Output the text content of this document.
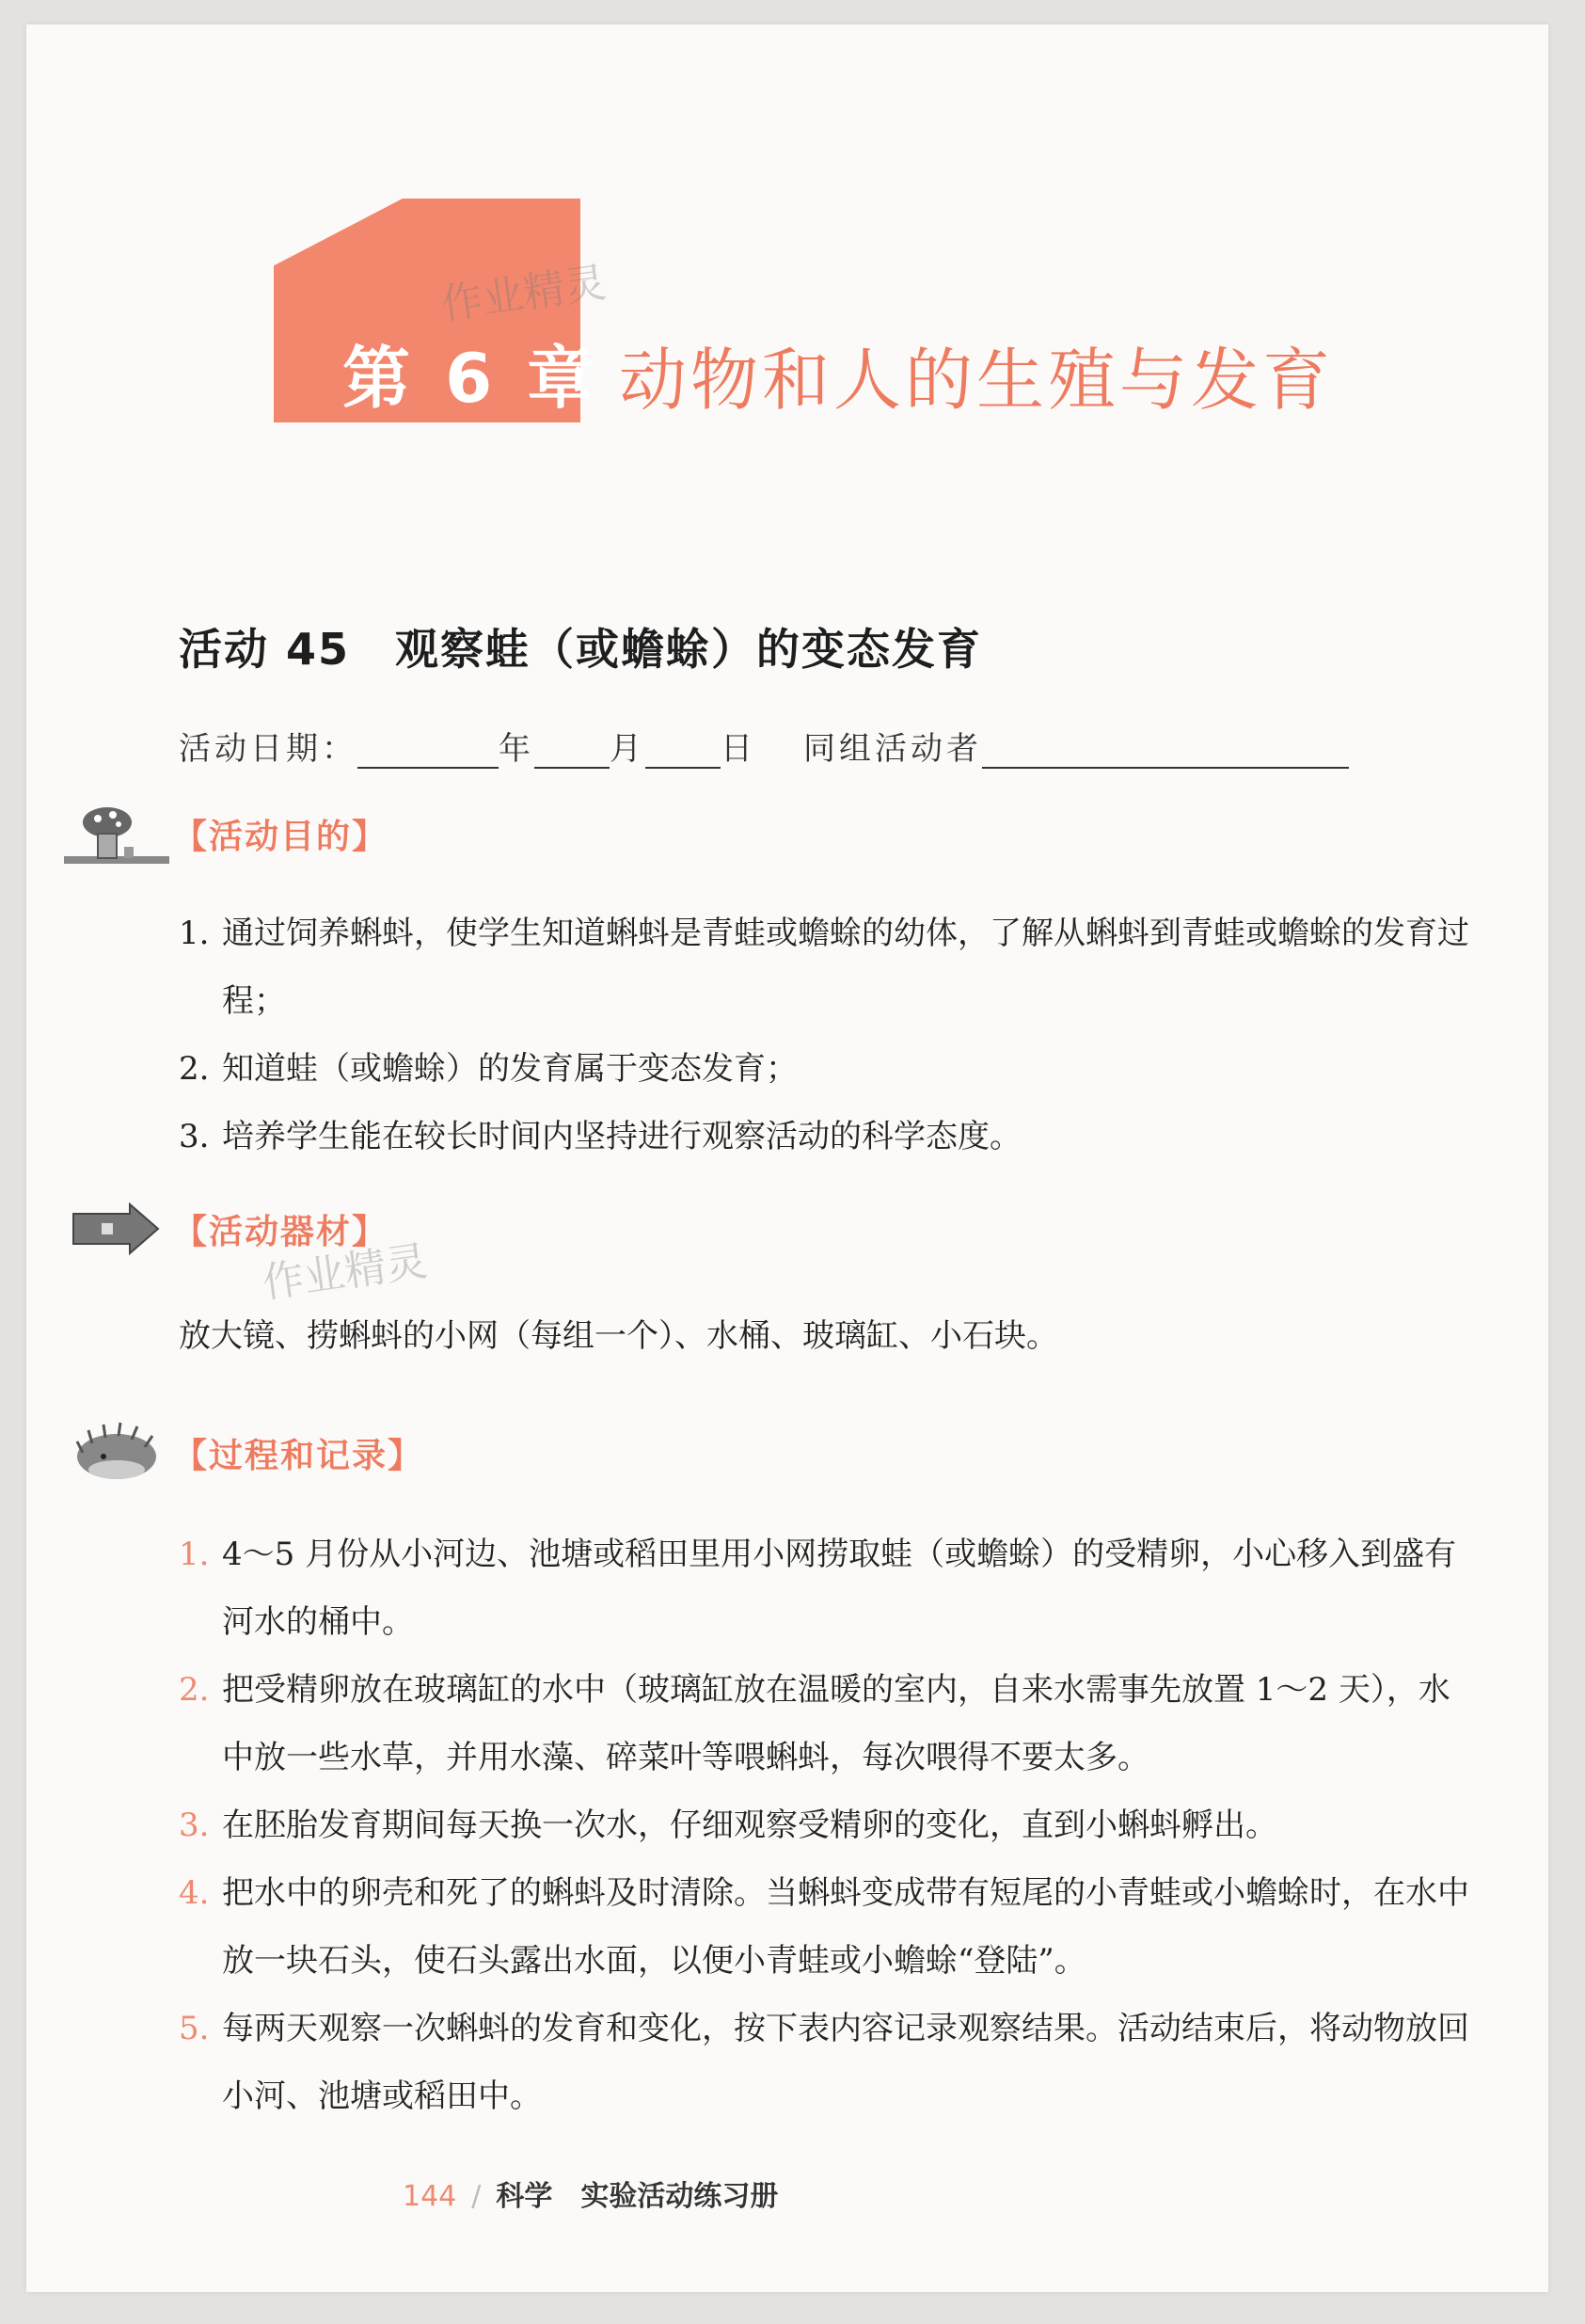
第 6 章 动物和人的生殖与发育
作业精灵
作业精灵
活动 45　观察蛙（或蟾蜍）的变态发育
活动日期：	年 月 日 同组活动者
【活动目的】
1. 通过饲养蝌蚪，使学生知道蝌蚪是青蛙或蟾蜍的幼体，了解从蝌蚪到青蛙或蟾蜍的发育过程；
2. 知道蛙（或蟾蜍）的发育属于变态发育；
3. 培养学生能在较长时间内坚持进行观察活动的科学态度。
【活动器材】
放大镜、捞蝌蚪的小网（每组一个）、水桶、玻璃缸、小石块。
【过程和记录】
1. 4～5 月份从小河边、池塘或稻田里用小网捞取蛙（或蟾蜍）的受精卵，小心移入到盛有河水的桶中。
2. 把受精卵放在玻璃缸的水中（玻璃缸放在温暖的室内，自来水需事先放置 1～2 天），水中放一些水草，并用水藻、碎菜叶等喂蝌蚪，每次喂得不要太多。
3. 在胚胎发育期间每天换一次水，仔细观察受精卵的变化，直到小蝌蚪孵出。
4. 把水中的卵壳和死了的蝌蚪及时清除。当蝌蚪变成带有短尾的小青蛙或小蟾蜍时，在水中放一块石头，使石头露出水面，以便小青蛙或小蟾蜍“登陆”。
5. 每两天观察一次蝌蚪的发育和变化，按下表内容记录观察结果。活动结束后，将动物放回小河、池塘或稻田中。
144 / 科学 实验活动练习册
